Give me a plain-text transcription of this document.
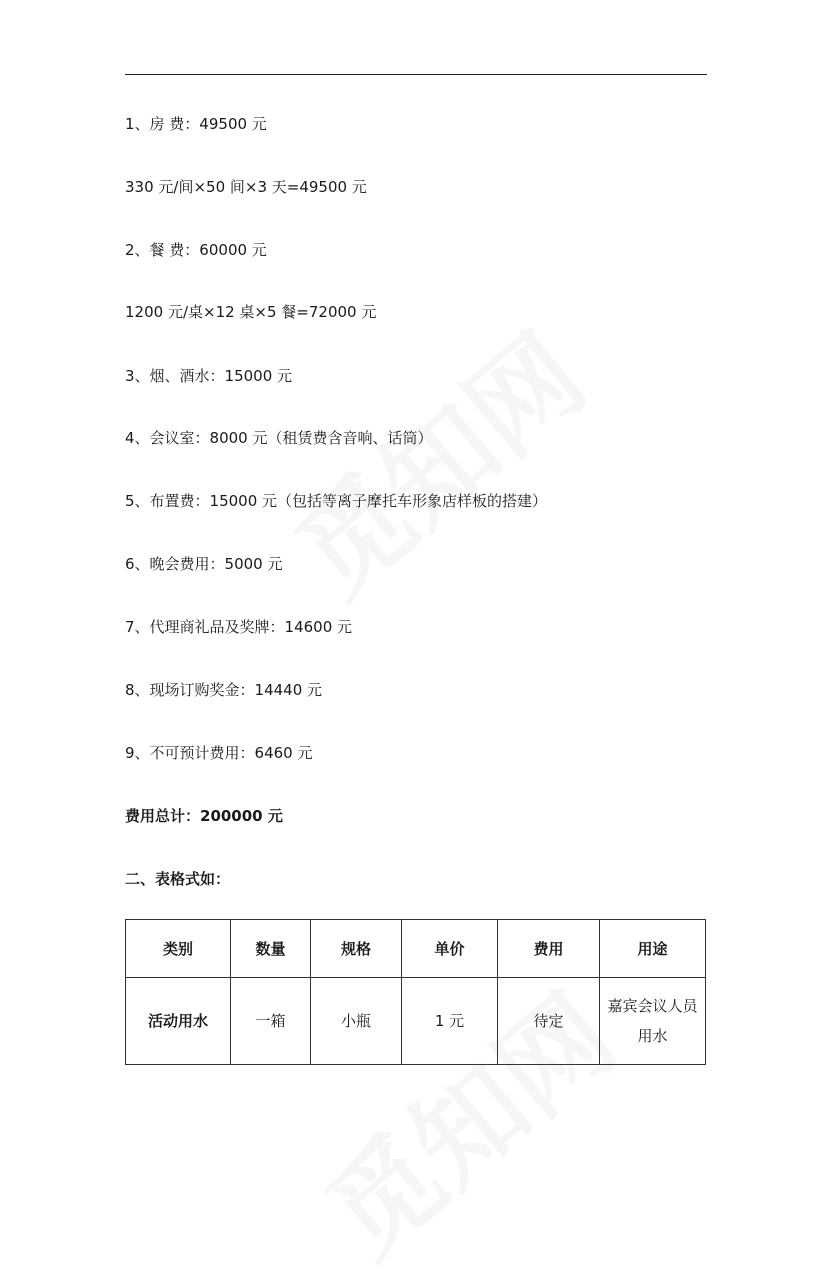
1、房 费：49500 元
330 元/间×50 间×3 天=49500 元
2、餐 费：60000 元
1200 元/桌×12 桌×5 餐=72000 元
3、烟、酒水：15000 元
4、会议室：8000 元（租赁费含音响、话筒）
5、布置费：15000 元（包括等离子摩托车形象店样板的搭建）
6、晚会费用：5000 元
7、代理商礼品及奖牌：14600 元
8、现场订购奖金：14440 元
9、不可预计费用：6460 元
费用总计：200000 元
二、表格式如：
类别	数量	规格	单价	费用	用途
活动用水	一箱	小瓶	1 元	待定	嘉宾会议人员用水
